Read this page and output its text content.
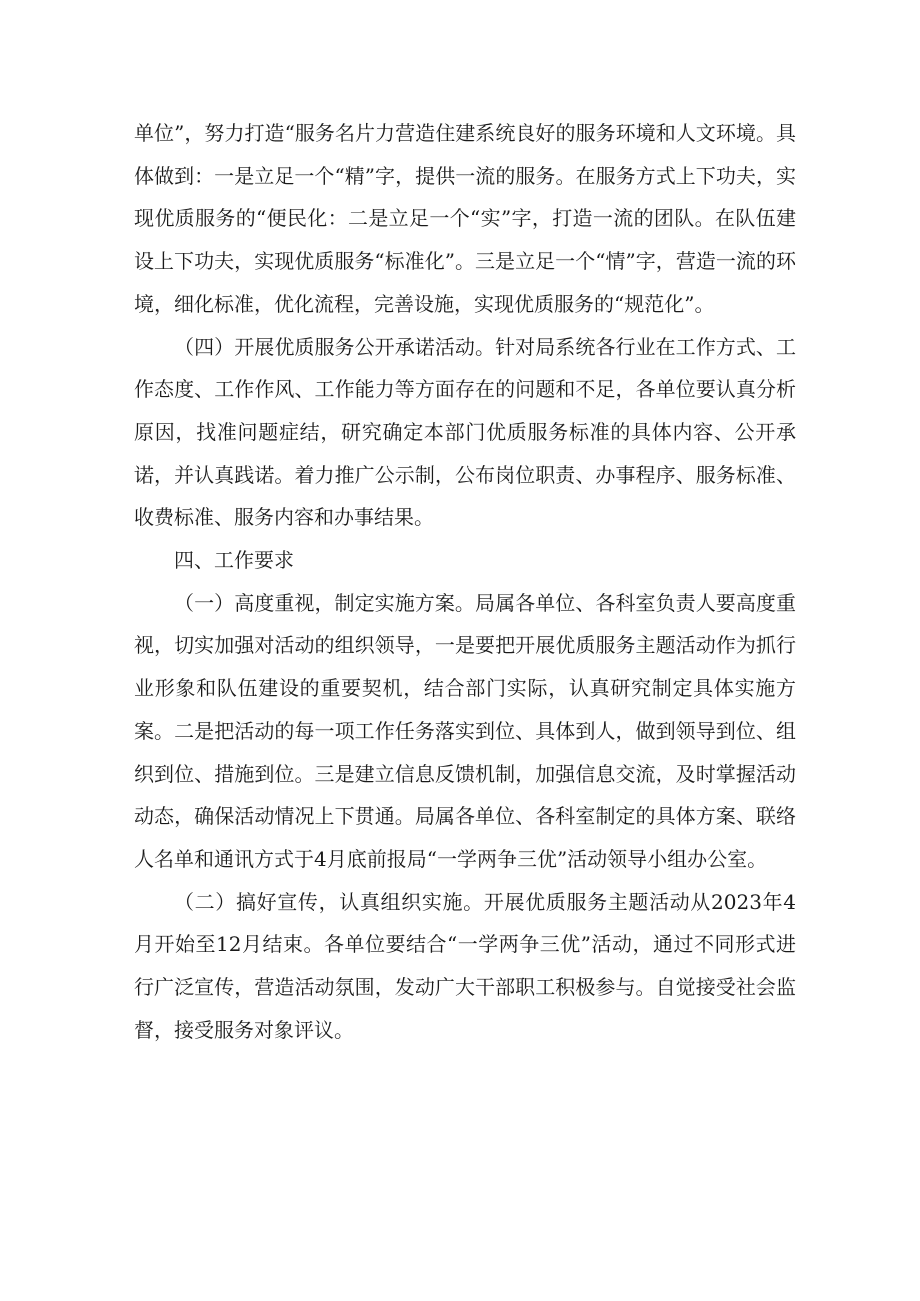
单位”，努力打造“服务名片力营造住建系统良好的服务环境和人文环境。具体做到：一是立足一个“精”字，提供一流的服务。在服务方式上下功夫，实现优质服务的“便民化：二是立足一个“实”字，打造一流的团队。在队伍建设上下功夫，实现优质服务“标准化”。三是立足一个“情”字，营造一流的环境，细化标准，优化流程，完善设施，实现优质服务的“规范化”。

（四）开展优质服务公开承诺活动。针对局系统各行业在工作方式、工作态度、工作作风、工作能力等方面存在的问题和不足，各单位要认真分析原因，找准问题症结，研究确定本部门优质服务标准的具体内容、公开承诺，并认真践诺。着力推广公示制，公布岗位职责、办事程序、服务标准、收费标准、服务内容和办事结果。

四、工作要求

（一）高度重视，制定实施方案。局属各单位、各科室负责人要高度重视，切实加强对活动的组织领导，一是要把开展优质服务主题活动作为抓行业形象和队伍建设的重要契机，结合部门实际，认真研究制定具体实施方案。二是把活动的每一项工作任务落实到位、具体到人，做到领导到位、组织到位、措施到位。三是建立信息反馈机制，加强信息交流，及时掌握活动动态，确保活动情况上下贯通。局属各单位、各科室制定的具体方案、联络人名单和通讯方式于4月底前报局“一学两争三优”活动领导小组办公室。

（二）搞好宣传，认真组织实施。开展优质服务主题活动从2023年4月开始至12月结束。各单位要结合“一学两争三优”活动，通过不同形式进行广泛宣传，营造活动氛围，发动广大干部职工积极参与。自觉接受社会监督，接受服务对象评议。
